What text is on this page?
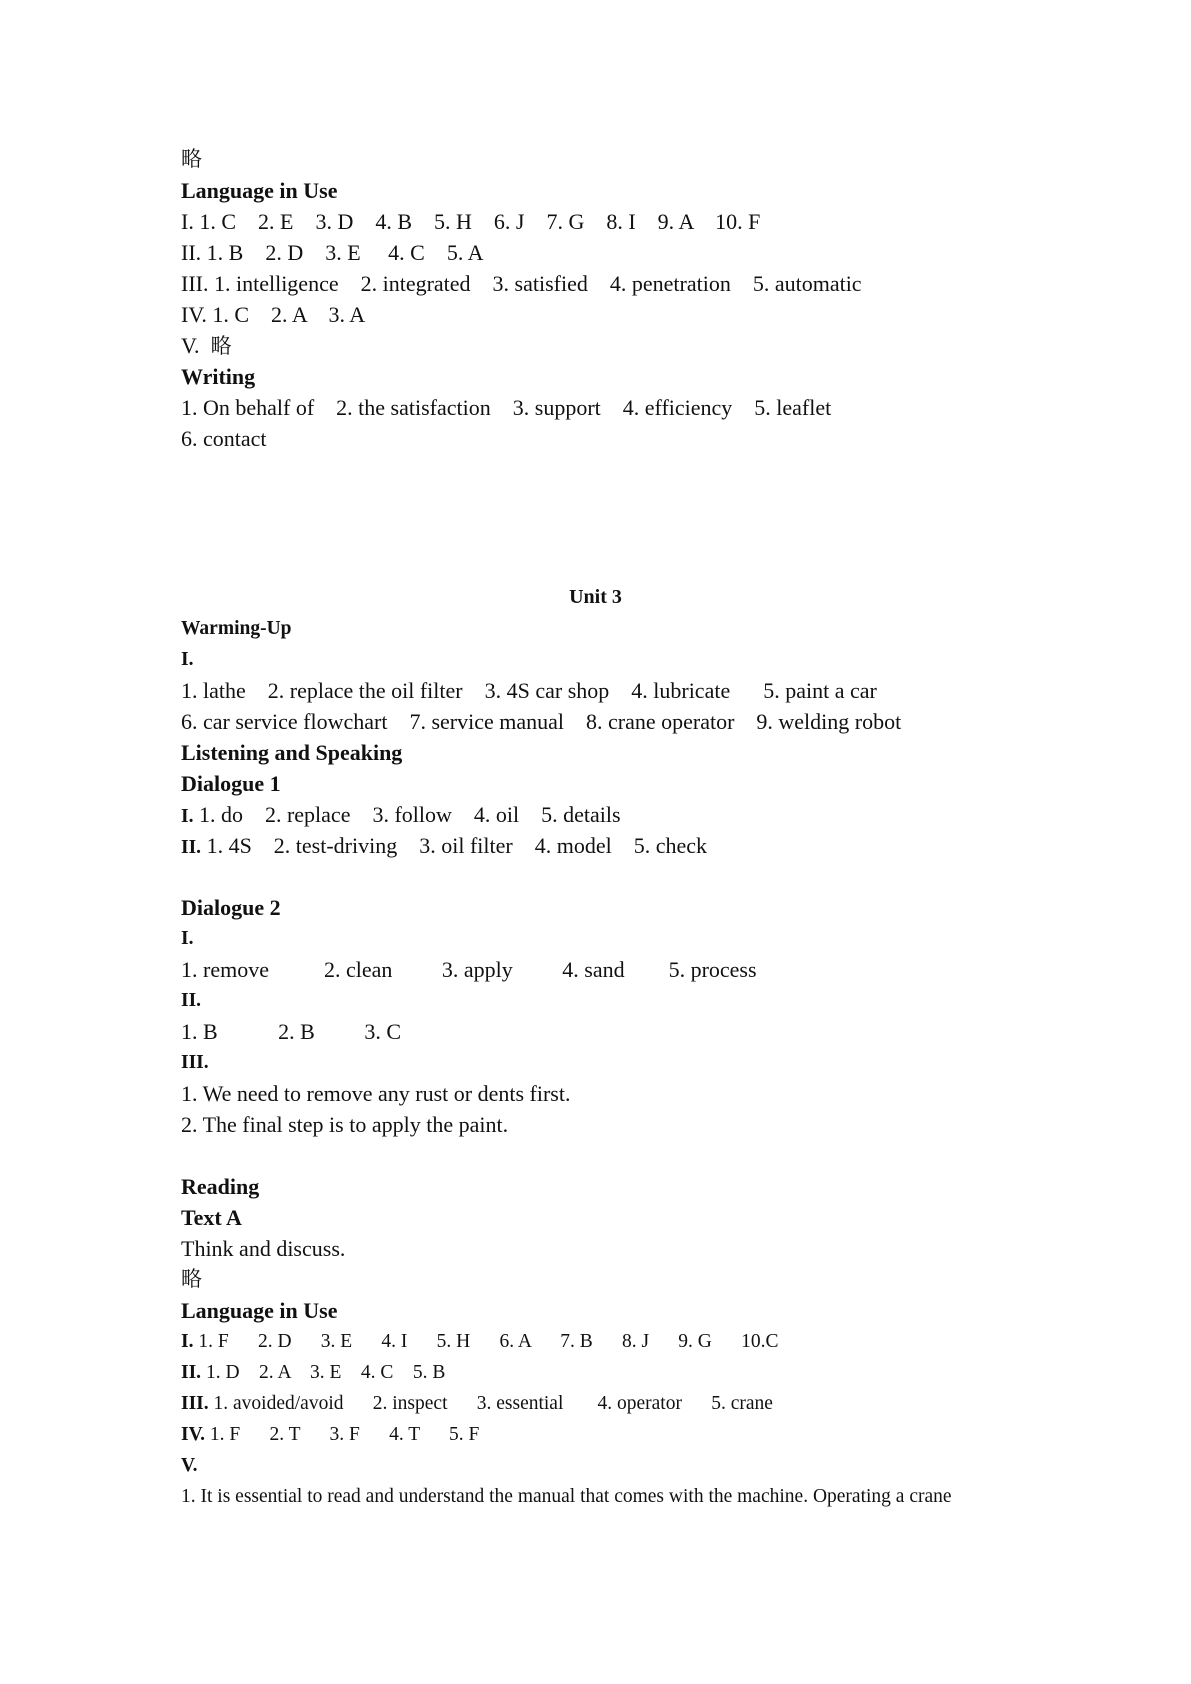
略
Language in Use
I. 1. C    2. E    3. D    4. B    5. H    6. J    7. G    8. I    9. A    10. F
II. 1. B    2. D    3. E     4. C    5. A
III. 1. intelligence    2. integrated    3. satisfied    4. penetration    5. automatic
IV. 1. C    2. A    3. A
V.  略
Writing
1. On behalf of    2. the satisfaction    3. support    4. efficiency    5. leaflet
6. contact
Unit 3
Warming-Up
I.
1. lathe    2. replace the oil filter    3. 4S car shop    4. lubricate      5. paint a car
6. car service flowchart    7. service manual    8. crane operator    9. welding robot
Listening and Speaking
Dialogue 1
I. 1. do    2. replace    3. follow    4. oil    5. details
II. 1. 4S    2. test-driving    3. oil filter    4. model    5. check
Dialogue 2
I.
1. remove          2. clean         3. apply         4. sand        5. process
II.
1. B           2. B         3. C
III.
1. We need to remove any rust or dents first.
2. The final step is to apply the paint.
Reading
Text A
Think and discuss.
略
Language in Use
I. 1. F      2. D      3. E      4. I      5. H      6. A      7. B      8. J      9. G      10.C
II. 1. D    2. A    3. E    4. C    5. B
III. 1. avoided/avoid      2. inspect      3. essential       4. operator      5. crane
IV. 1. F      2. T      3. F      4. T      5. F
V.
1. It is essential to read and understand the manual that comes with the machine. Operating a crane
